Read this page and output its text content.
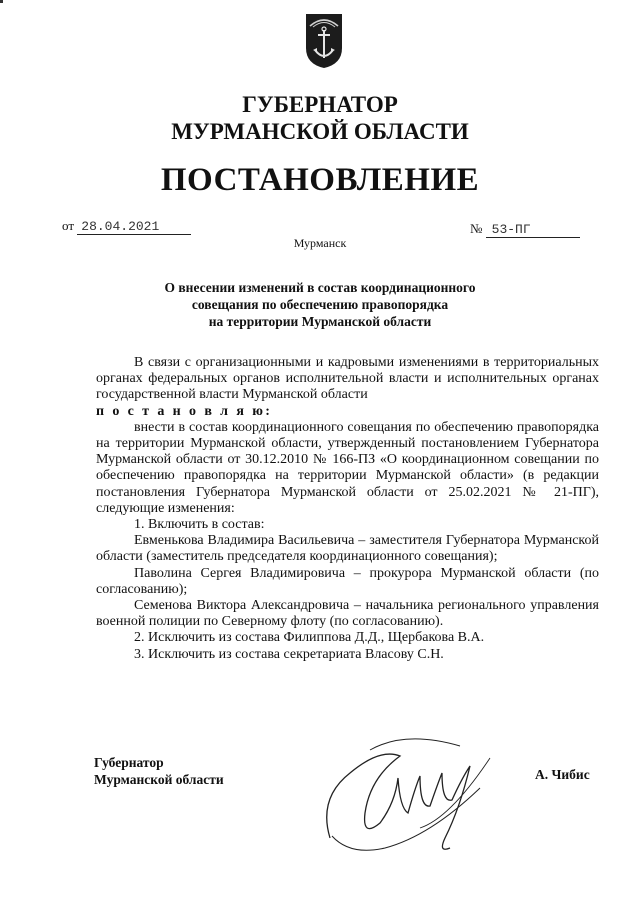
ГУБЕРНАТОР
МУРМАНСКОЙ ОБЛАСТИ
ПОСТАНОВЛЕНИЕ
от 28.04.2021	№ 53-ПГ
Мурманск
О внесении изменений в состав координационного
совещания по обеспечению правопорядка
на территории Мурманской области

В связи с организационными и кадровыми изменениями в территориальных органах федеральных органов исполнительной власти и исполнительных органах государственной власти Мурманской области

п о с т а н о в л я ю:

внести в состав координационного совещания по обеспечению правопорядка на территории Мурманской области, утвержденный постановлением Губернатора Мурманской области от 30.12.2010 № 166-ПЗ «О координационном совещании по обеспечению правопорядка на территории Мурманской области» (в редакции постановления Губернатора Мурманской области от 25.02.2021 № 21-ПГ), следующие изменения:

1. Включить в состав:

Евменькова Владимира Васильевича – заместителя Губернатора Мурманской области (заместитель председателя координационного совещания);

Паволина Сергея Владимировича – прокурора Мурманской области (по согласованию);

Семенова Виктора Александровича – начальника регионального управления военной полиции по Северному флоту (по согласованию).

2. Исключить из состава Филиппова Д.Д., Щербакова В.А.

3. Исключить из состава секретариата Власову С.Н.

Губернатор
Мурманской области	А. Чибис
